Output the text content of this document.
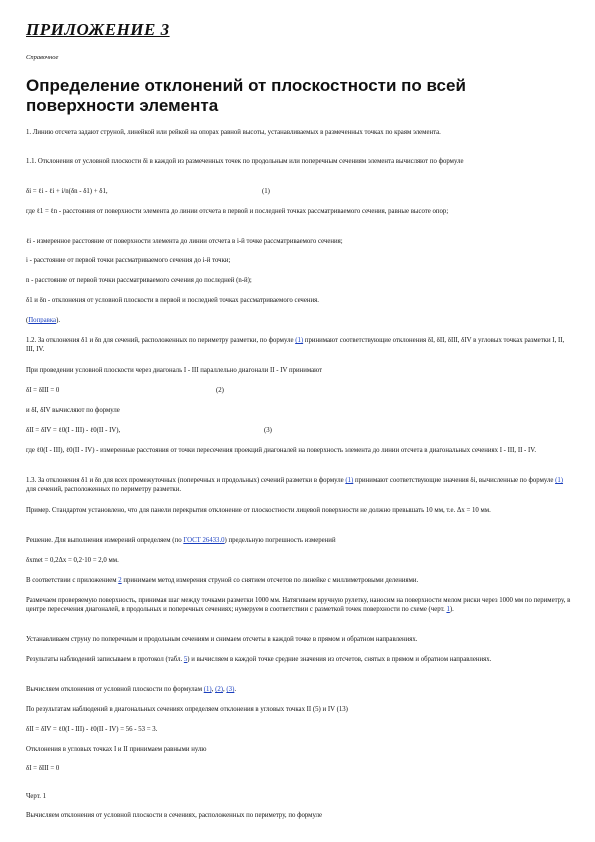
ПРИЛОЖЕНИЕ 3

Справочное

Определение отклонений от плоскостности по всей поверхности элемента

1. Линию отсчета задают струной, линейкой или рейкой на опорах равной высоты, устанавливаемых в размеченных точках по краям элемента.

1.1. Отклонения от условной плоскости δi в каждой из размеченных точек по продольным или поперечным сечениям элемента вычисляют по формуле

δi = ℓi - ℓi + i/n(δn - δ1) + δ1,	(1)

где ℓ1 = ℓn - расстояния от поверхности элемента до линии отсчета в первой и последней точках рассматриваемого сечения, равные высоте опор;

ℓi - измеренное расстояние от поверхности элемента до линии отсчета в i-й точке рассматриваемого сечения;

i - расстояние от первой точки рассматриваемого сечения до i-й точки;

n - расстояние от первой точки рассматриваемого сечения до последней (n-й);

δ1 и δn - отклонения от условной плоскости в первой и последней точках рассматриваемого сечения.

(Поправка).

1.2. За отклонения δ1 и δn для сечений, расположенных по периметру разметки, по формуле (1) принимают соответствующие отклонения δI, δII, δIII, δIV в угловых точках разметки I, II, III, IV.

При проведении условной плоскости через диагональ I - III параллельно диагонали II - IV принимают

δI = δIII = 0	(2)

и δI, δIV вычисляют по формуле

δII = δIV = ℓ0(I - III) - ℓ0(II - IV),	(3)

где ℓ0(I - III), ℓ0(II - IV) - измеренные расстояния от точки пересечения проекций диагоналей на поверхность элемента до линии отсчета в диагональных сечениях I - III, II - IV.

1.3. За отклонения δ1 и δn для всех промежуточных (поперечных и продольных) сечений разметки в формуле (1) принимают соответствующие значения δi, вычисленные по формуле (1) для сечений, расположенных по периметру разметки.

Пример. Стандартом установлено, что для панели перекрытия отклонение от плоскостности лицевой поверхности не должно превышать 10 мм, т.е. Δx = 10 мм.

Решение. Для выполнения измерений определяем (по ГОСТ 26433.0) предельную погрешность измерений

δxmet = 0,2Δx = 0,2·10 = 2,0 мм.

В соответствии с приложением 2 принимаем метод измерения струной со снятием отсчетов по линейке с миллиметровыми делениями.

Размечаем проверяемую поверхность, принимая шаг между точками разметки 1000 мм. Натягиваем вручную рулетку, наносим на поверхности мелом риски через 1000 мм по периметру, в центре пересечения диагоналей, в продольных и поперечных сечениях; нумеруем в соответствии с разметкой точек поверхности по схеме (черт. 1).

Устанавливаем струну по поперечным и продольным сечениям и снимаем отсчеты в каждой точке в прямом и обратном направлениях.

Результаты наблюдений записываем в протокол (табл. 5) и вычисляем в каждой точке средние значения из отсчетов, снятых в прямом и обратном направлениях.

Вычисляем отклонения от условной плоскости по формулам (1), (2), (3).

По результатам наблюдений в диагональных сечениях определяем отклонения в угловых точках II (5) и IV (13)

δII = δIV = ℓ0(I - III) - ℓ0(II - IV) = 56 - 53 = 3.

Отклонения в угловых точках I и II принимаем равными нулю

δI = δIII = 0

Черт. 1

Вычисляем отклонения от условной плоскости в сечениях, расположенных по периметру, по формуле
